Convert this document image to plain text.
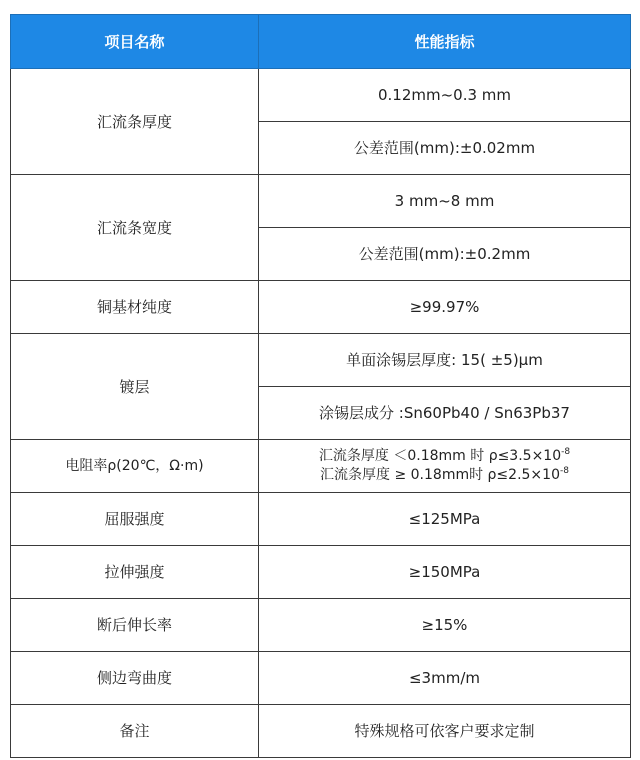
项目名称	性能指标
汇流条厚度	0.12mm~0.3 mm
	公差范围(mm):±0.02mm
汇流条宽度	3 mm~8 mm
	公差范围(mm):±0.2mm
铜基材纯度	≥99.97%
镀层	单面涂锡层厚度: 15( ±5)μm
	涂锡层成分 :Sn60Pb40 / Sn63Pb37
电阻率ρ(20℃，Ω·m)	汇流条厚度 ＜0.18mm 时 $\rho\le 3.5\times 10^{-8}$
汇流条厚度 ≥ 0.18mm时 $\rho\le 2.5\times 10^{-8}$

屈服强度	≤125MPa
拉伸强度	≥150MPa
断后伸长率	≥15%
侧边弯曲度	≤3mm/m
备注	特殊规格可依客户要求定制
